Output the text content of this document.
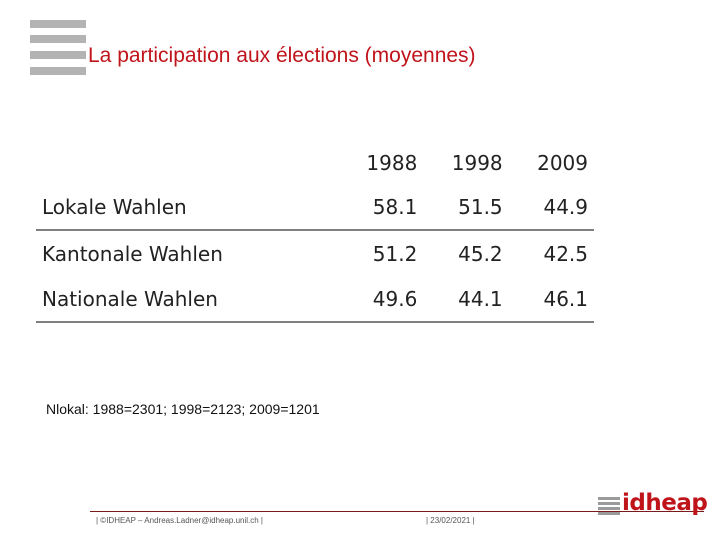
La participation aux élections (moyennes)
	1988	1998	2009
Lokale Wahlen	58.1	51.5	44.9
Kantonale Wahlen	51.2	45.2	42.5
Nationale Wahlen	49.6	44.1	46.1
Nlokal: 1988=2301; 1998=2123; 2009=1201
| ©IDHEAP – Andreas.Ladner@idheap.unil.ch |	| 23/02/2021 |
idheap
